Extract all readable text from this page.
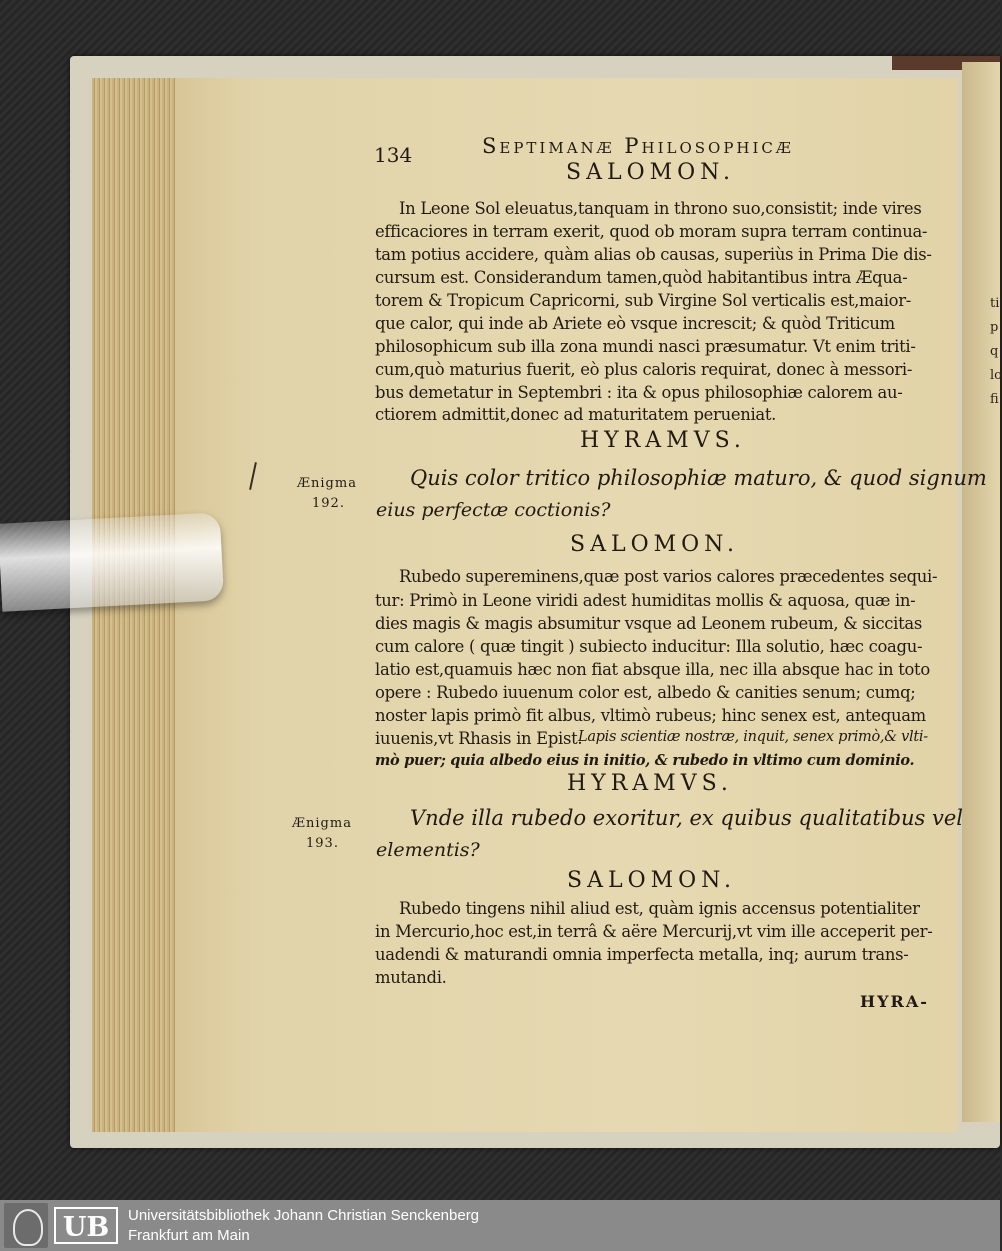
ti
p
q
lo
fi
134	Septimanæ Philosophicæ
SALOMON.
In Leone Sol eleuatus,tanquam in throno suo,consistit; inde vires
efficaciores in terram exerit, quod ob moram supra terram continua-
tam potius accidere, quàm alias ob causas, superiùs in Prima Die dis-
cursum est. Considerandum tamen,quòd habitantibus intra Æqua-
torem & Tropicum Capricorni, sub Virgine Sol verticalis est,maior-
que calor, qui inde ab Ariete eò vsque increscit; & quòd Triticum
philosophicum sub illa zona mundi nasci præsumatur. Vt enim triti-
cum,quò maturius fuerit, eò plus caloris requirat, donec à messori-
bus demetatur in Septembri : ita & opus philosophiæ calorem au-
ctiorem admittit,donec ad maturitatem perueniat.
HYRAMVS.
Ænigma
192.
Quis color tritico philosophiæ maturo, & quod signum
eius perfectæ coctionis?
SALOMON.
Rubedo supereminens,quæ post varios calores præcedentes sequi-
tur: Primò in Leone viridi adest humiditas mollis & aquosa, quæ in-
dies magis & magis absumitur vsque ad Leonem rubeum, & siccitas
cum calore ( quæ tingit ) subiecto inducitur: Illa solutio, hæc coagu-
latio est,quamuis hæc non fiat absque illa, nec illa absque hac in toto
opere : Rubedo iuuenum color est, albedo & canities senum; cumq;
noster lapis primò fit albus, vltimò rubeus; hinc senex est, antequam
iuuenis,vt Rhasis in Epist.
Lapis scientiæ nostræ, inquit, senex primò,& vlti-
mò puer; quia albedo eius in initio, & rubedo in vltimo cum dominio.
HYRAMVS.
Ænigma
193.
Vnde illa rubedo exoritur, ex quibus qualitatibus vel
elementis?
SALOMON.
Rubedo tingens nihil aliud est, quàm ignis accensus potentialiter
in Mercurio,hoc est,in terrâ & aëre Mercurij,vt vim ille acceperit per-
uadendi & maturandi omnia imperfecta metalla, inq; aurum trans-
mutandi.
HYRA-
UB	Universitätsbibliothek Johann Christian Senckenberg
Frankfurt am Main
